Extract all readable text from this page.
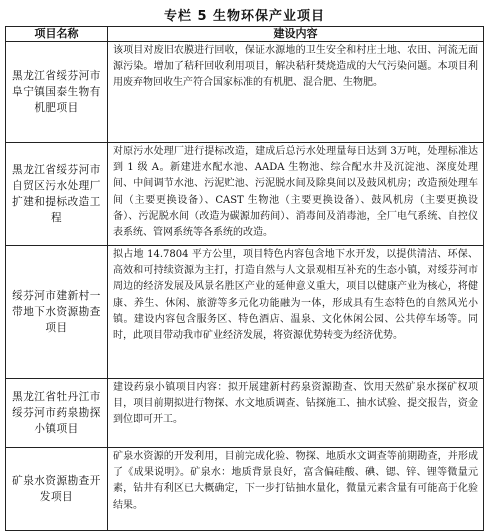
专栏 5 生物环保产业项目
项目名称	建设内容
黑龙江省绥芬河市阜宁镇国泰生物有机肥项目	该项目对废旧农膜进行回收，保证水源地的卫生安全和村庄土地、农田、河流无面源污染。增加了秸秆回收利用项目，解决秸秆焚烧造成的大气污染问题。本项目利用废弃物回收生产符合国家标准的有机肥、混合肥、生物肥。
黑龙江省绥芬河市自贸区污水处理厂扩建和提标改造工程	对原污水处理厂进行提标改造，建成后总污水处理量每日达到 3万吨，处理标准达到 1 级 A。新建进水配水池、AADA 生物池、综合配水井及沉淀池、深度处理间、中间调节水池、污泥贮池、污泥脱水间及除臭间以及鼓风机房；改造预处理车间（主要更换设备）、CAST 生物池（主要更换设备）、鼓风机房（主要更换设备）、污泥脱水间（改造为碳源加药间）、消毒间及消毒池，全厂电气系统、自控仪表系统、管网系统等各系统的改造。
绥芬河市建新村一带地下水资源勘查项目	拟占地 14.7804 平方公里，项目特色内容包含地下水开发，以提供清洁、环保、高效和可持续资源为主打，打造自然与人文景观相互补充的生态小镇，对绥芬河市周边的经济发展及风景名胜区产业的延伸意义重大，项目以健康产业为核心，将健康、养生、休闲、旅游等多元化功能融为一体，形成具有生态特色的自然风光小镇。建设内容包含服务区、特色酒店、温泉、文化休闲公园、公共停车场等。同时，此项目带动我市矿业经济发展，将资源优势转变为经济优势。
黑龙江省牡丹江市绥芬河市药泉勘探小镇项目	建设药泉小镇项目内容：拟开展建新村药泉资源勘查、饮用天然矿泉水探矿权项目，项目前期拟进行物探、水文地质调查、钻探施工、抽水试验、提交报告，资金到位即可开工。
矿泉水资源勘查开发项目	矿泉水资源的开发利用，目前完成化验、物探、地质水文调查等前期勘查，并形成了《成果说明》。矿泉水：地质背景良好，富含偏硅酸、碘、锶、锌、锂等微量元素，钻井有利区已大概确定，下一步打钻抽水量化，微量元素含量有可能高于化验结果。
